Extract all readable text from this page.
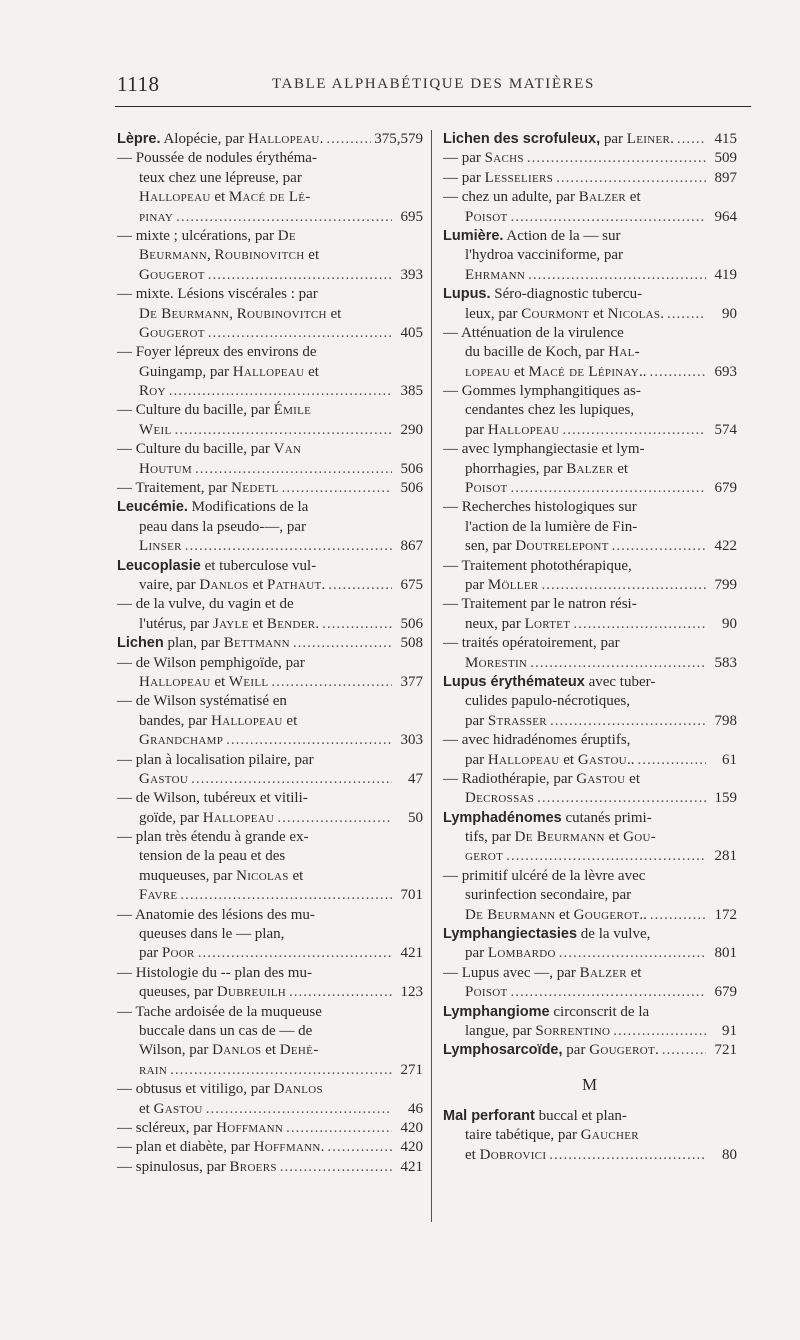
1118	TABLE ALPHABÉTIQUE DES MATIÈRES
Lèpre. Alopécie, par Hallopeau. .....	375,579
— Poussée de nodules érythéma-
teux chez une lépreuse, par
Hallopeau et Macé de Lé-
pinay .....	695
— mixte ; ulcérations, par De
Beurmann, Roubinovitch et
Gougerot .....	393
— mixte. Lésions viscérales : par
De Beurmann, Roubinovitch et
Gougerot .....	405
— Foyer lépreux des environs de
Guingamp, par Hallopeau et
Roy .....	385
— Culture du bacille, par Émile
Weil .....	290
— Culture du bacille, par Van
Houtum .....	506
— Traitement, par Nedetl .....	506
Leucémie. Modifications de la
peau dans la pseudo-—, par
Linser .....	867
Leucoplasie et tuberculose vul-
vaire, par Danlos et Pathaut. .....	675
— de la vulve, du vagin et de
l'utérus, par Jayle et Bender. .....	506
Lichen plan, par Bettmann .....	508
— de Wilson pemphigoïde, par
Hallopeau et Weill .....	377
— de Wilson systématisé en
bandes, par Hallopeau et
Grandchamp .....	303
— plan à localisation pilaire, par
Gastou .....	47
— de Wilson, tubéreux et vitili-
goïde, par Hallopeau .....	50
— plan très étendu à grande ex-
tension de la peau et des
muqueuses, par Nicolas et
Favre .....	701
— Anatomie des lésions des mu-
queuses dans le — plan,
par Poor .....	421
— Histologie du -- plan des mu-
queuses, par Dubreuilh .....	123
— Tache ardoisée de la muqueuse
buccale dans un cas de — de
Wilson, par Danlos et Dehé-
rain .....	271
— obtusus et vitiligo, par Danlos
et Gastou .....	46
— scléreux, par Hoffmann .....	420
— plan et diabète, par Hoffmann. .....	420
— spinulosus, par Broers .....	421
Lichen des scrofuleux, par Leiner. .....	415
— par Sachs .....	509
— par Lesseliers .....	897
— chez un adulte, par Balzer et
Poisot .....	964
Lumière. Action de la — sur
l'hydroa vacciniforme, par
Ehrmann .....	419
Lupus. Séro-diagnostic tubercu-
leux, par Courmont et Nicolas. .....	90
— Atténuation de la virulence
du bacille de Koch, par Hal-
lopeau et Macé de Lépinay.. .....	693
— Gommes lymphangitiques as-
cendantes chez les lupiques,
par Hallopeau .....	574
— avec lymphangiectasie et lym-
phorrhagies, par Balzer et
Poisot .....	679
— Recherches histologiques sur
l'action de la lumière de Fin-
sen, par Doutrelepont .....	422
— Traitement photothérapique,
par Möller .....	799
— Traitement par le natron rési-
neux, par Lortet .....	90
— traités opératoirement, par
Morestin .....	583
Lupus érythémateux avec tuber-
culides papulo-nécrotiques,
par Strasser .....	798
— avec hidradénomes éruptifs,
par Hallopeau et Gastou.. .....	61
— Radiothérapie, par Gastou et
Decrossas .....	159
Lymphadénomes cutanés primi-
tifs, par De Beurmann et Gou-
gerot .....	281
— primitif ulcéré de la lèvre avec
surinfection secondaire, par
De Beurmann et Gougerot.. .....	172
Lymphangiectasies de la vulve,
par Lombardo .....	801
— Lupus avec —, par Balzer et
Poisot .....	679
Lymphangiome circonscrit de la
langue, par Sorrentino .....	91
Lymphosarcoïde, par Gougerot. .....	721
M
Mal perforant buccal et plan-
taire tabétique, par Gaucher
et Dobrovici .....	80
